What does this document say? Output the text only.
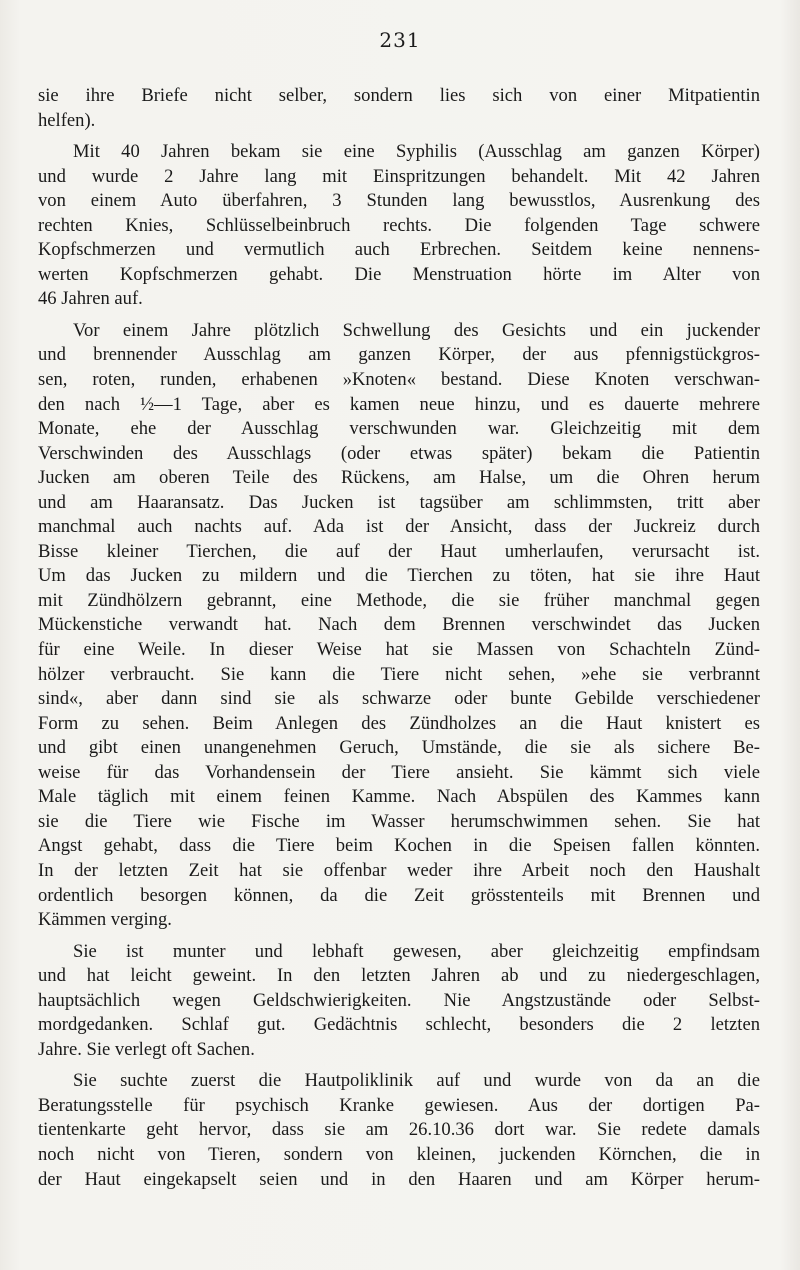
231
sie ihre Briefe nicht selber, sondern lies sich von einer Mitpatientin
helfen).
Mit 40 Jahren bekam sie eine Syphilis (Ausschlag am ganzen Körper)
und wurde 2 Jahre lang mit Einspritzungen behandelt. Mit 42 Jahren
von einem Auto überfahren, 3 Stunden lang bewusstlos, Ausrenkung des
rechten Knies, Schlüsselbeinbruch rechts. Die folgenden Tage schwere
Kopfschmerzen und vermutlich auch Erbrechen. Seitdem keine nennens-
werten Kopfschmerzen gehabt. Die Menstruation hörte im Alter von
46 Jahren auf.
Vor einem Jahre plötzlich Schwellung des Gesichts und ein juckender
und brennender Ausschlag am ganzen Körper, der aus pfennigstückgros-
sen, roten, runden, erhabenen »Knoten« bestand. Diese Knoten verschwan-
den nach ½—1 Tage, aber es kamen neue hinzu, und es dauerte mehrere
Monate, ehe der Ausschlag verschwunden war. Gleichzeitig mit dem
Verschwinden des Ausschlags (oder etwas später) bekam die Patientin
Jucken am oberen Teile des Rückens, am Halse, um die Ohren herum
und am Haaransatz. Das Jucken ist tagsüber am schlimmsten, tritt aber
manchmal auch nachts auf. Ada ist der Ansicht, dass der Juckreiz durch
Bisse kleiner Tierchen, die auf der Haut umherlaufen, verursacht ist.
Um das Jucken zu mildern und die Tierchen zu töten, hat sie ihre Haut
mit Zündhölzern gebrannt, eine Methode, die sie früher manchmal gegen
Mückenstiche verwandt hat. Nach dem Brennen verschwindet das Jucken
für eine Weile. In dieser Weise hat sie Massen von Schachteln Zünd-
hölzer verbraucht. Sie kann die Tiere nicht sehen, »ehe sie verbrannt
sind«, aber dann sind sie als schwarze oder bunte Gebilde verschiedener
Form zu sehen. Beim Anlegen des Zündholzes an die Haut knistert es
und gibt einen unangenehmen Geruch, Umstände, die sie als sichere Be-
weise für das Vorhandensein der Tiere ansieht. Sie kämmt sich viele
Male täglich mit einem feinen Kamme. Nach Abspülen des Kammes kann
sie die Tiere wie Fische im Wasser herumschwimmen sehen. Sie hat
Angst gehabt, dass die Tiere beim Kochen in die Speisen fallen könnten.
In der letzten Zeit hat sie offenbar weder ihre Arbeit noch den Haushalt
ordentlich besorgen können, da die Zeit grösstenteils mit Brennen und
Kämmen verging.
Sie ist munter und lebhaft gewesen, aber gleichzeitig empfindsam
und hat leicht geweint. In den letzten Jahren ab und zu niedergeschlagen,
hauptsächlich wegen Geldschwierigkeiten. Nie Angstzustände oder Selbst-
mordgedanken. Schlaf gut. Gedächtnis schlecht, besonders die 2 letzten
Jahre. Sie verlegt oft Sachen.
Sie suchte zuerst die Hautpoliklinik auf und wurde von da an die
Beratungsstelle für psychisch Kranke gewiesen. Aus der dortigen Pa-
tientenkarte geht hervor, dass sie am 26.10.36 dort war. Sie redete damals
noch nicht von Tieren, sondern von kleinen, juckenden Körnchen, die in
der Haut eingekapselt seien und in den Haaren und am Körper herum-
